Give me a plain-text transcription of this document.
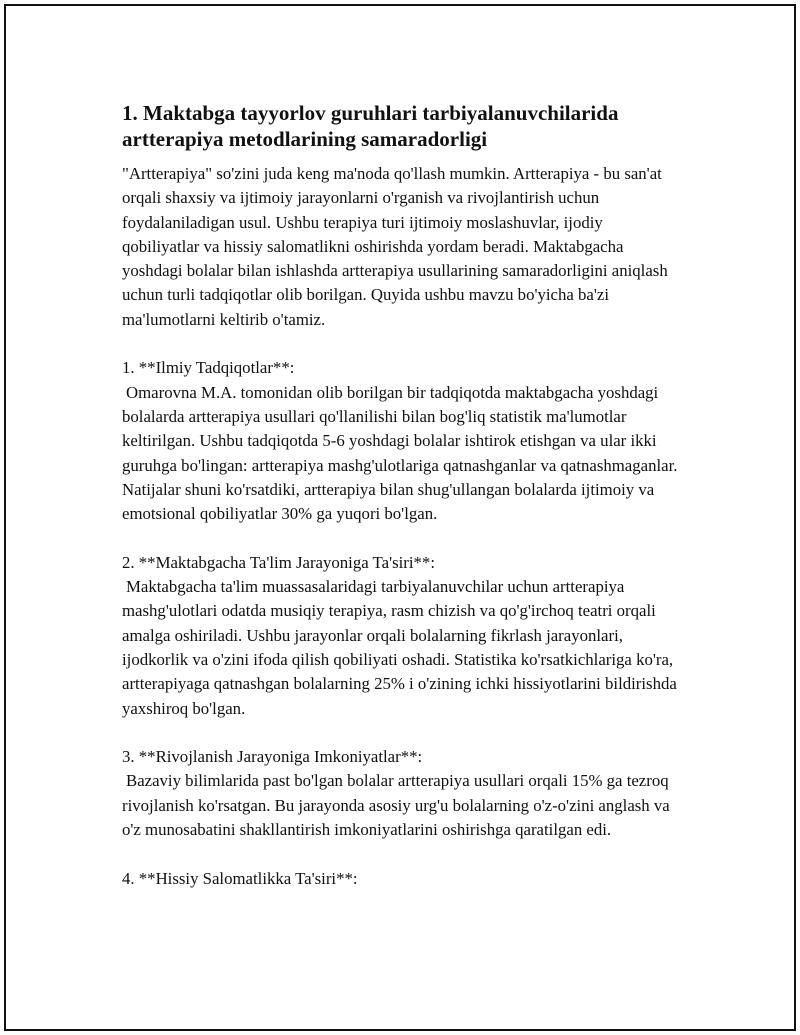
1. Maktabga tayyorlov guruhlari tarbiyalanuvchilarida artterapiya metodlarining samaradorligi

"Artterapiya" so'zini juda keng ma'noda qo'llash mumkin. Artterapiya - bu san'at orqali shaxsiy va ijtimoiy jarayonlarni o'rganish va rivojlantirish uchun foydalaniladigan usul. Ushbu terapiya turi ijtimoiy moslashuvlar, ijodiy qobiliyatlar va hissiy salomatlikni oshirishda yordam beradi. Maktabgacha yoshdagi bolalar bilan ishlashda artterapiya usullarining samaradorligini aniqlash uchun turli tadqiqotlar olib borilgan. Quyida ushbu mavzu bo'yicha ba'zi ma'lumotlarni keltirib o'tamiz.

1. **Ilmiy Tadqiqotlar**:

Omarovna M.A. tomonidan olib borilgan bir tadqiqotda maktabgacha yoshdagi bolalarda artterapiya usullari qo'llanilishi bilan bog'liq statistik ma'lumotlar keltirilgan. Ushbu tadqiqotda 5-6 yoshdagi bolalar ishtirok etishgan va ular ikki guruhga bo'lingan: artterapiya mashg'ulotlariga qatnashganlar va qatnashmaganlar. Natijalar shuni ko'rsatdiki, artterapiya bilan shug'ullangan bolalarda ijtimoiy va emotsional qobiliyatlar 30% ga yuqori bo'lgan.

2. **Maktabgacha Ta'lim Jarayoniga Ta'siri**:

Maktabgacha ta'lim muassasalaridagi tarbiyalanuvchilar uchun artterapiya mashg'ulotlari odatda musiqiy terapiya, rasm chizish va qo'g'irchoq teatri orqali amalga oshiriladi. Ushbu jarayonlar orqali bolalarning fikrlash jarayonlari, ijodkorlik va o'zini ifoda qilish qobiliyati oshadi. Statistika ko'rsatkichlariga ko'ra, artterapiyaga qatnashgan bolalarning 25% i o'zining ichki hissiyotlarini bildirishda yaxshiroq bo'lgan.

3. **Rivojlanish Jarayoniga Imkoniyatlar**:

Bazaviy bilimlarida past bo'lgan bolalar artterapiya usullari orqali 15% ga tezroq rivojlanish ko'rsatgan. Bu jarayonda asosiy urg'u bolalarning o'z-o'zini anglash va o'z munosabatini shakllantirish imkoniyatlarini oshirishga qaratilgan edi.

4. **Hissiy Salomatlikka Ta'siri**:
